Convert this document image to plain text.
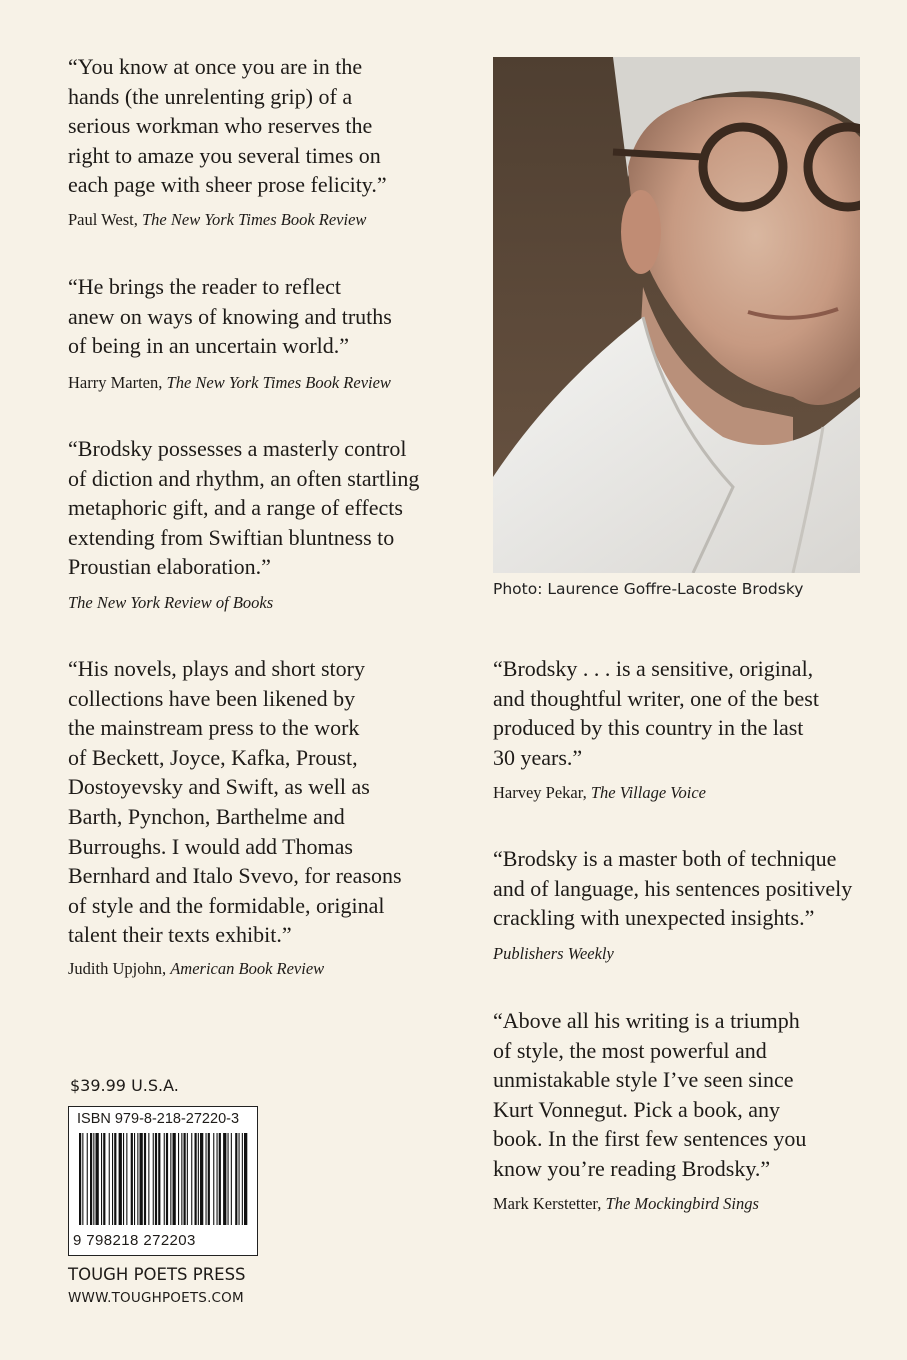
“You know at once you are in the
hands (the unrelenting grip) of a
serious workman who reserves the
right to amaze you several times on
each page with sheer prose felicity.”

Paul West, The New York Times Book Review

“He brings the reader to reflect
anew on ways of knowing and truths
of being in an uncertain world.”

Harry Marten, The New York Times Book Review

“Brodsky possesses a masterly control
of diction and rhythm, an often startling
metaphoric gift, and a range of effects
extending from Swiftian bluntness to
Proustian elaboration.”

The New York Review of Books

“His novels, plays and short story
collections have been likened by
the mainstream press to the work
of Beckett, Joyce, Kafka, Proust,
Dostoyevsky and Swift, as well as
Barth, Pynchon, Barthelme and
Burroughs. I would add Thomas
Bernhard and Italo Svevo, for reasons
of style and the formidable, original
talent their texts exhibit.”

Judith Upjohn, American Book Review

Photo: Laurence Goffre-Lacoste Brodsky

“Brodsky . . . is a sensitive, original,
and thoughtful writer, one of the best
produced by this country in the last
30 years.”

Harvey Pekar, The Village Voice

“Brodsky is a master both of technique
and of language, his sentences positively
crackling with unexpected insights.”

Publishers Weekly

“Above all his writing is a triumph
of style, the most powerful and
unmistakable style I’ve seen since
Kurt Vonnegut. Pick a book, any
book. In the first few sentences you
know you’re reading Brodsky.”

Mark Kerstetter, The Mockingbird Sings

$39.99 U.S.A.
ISBN 979-8-218-27220-3
9 798218 272203
TOUGH POETS PRESS
WWW.TOUGHPOETS.COM
